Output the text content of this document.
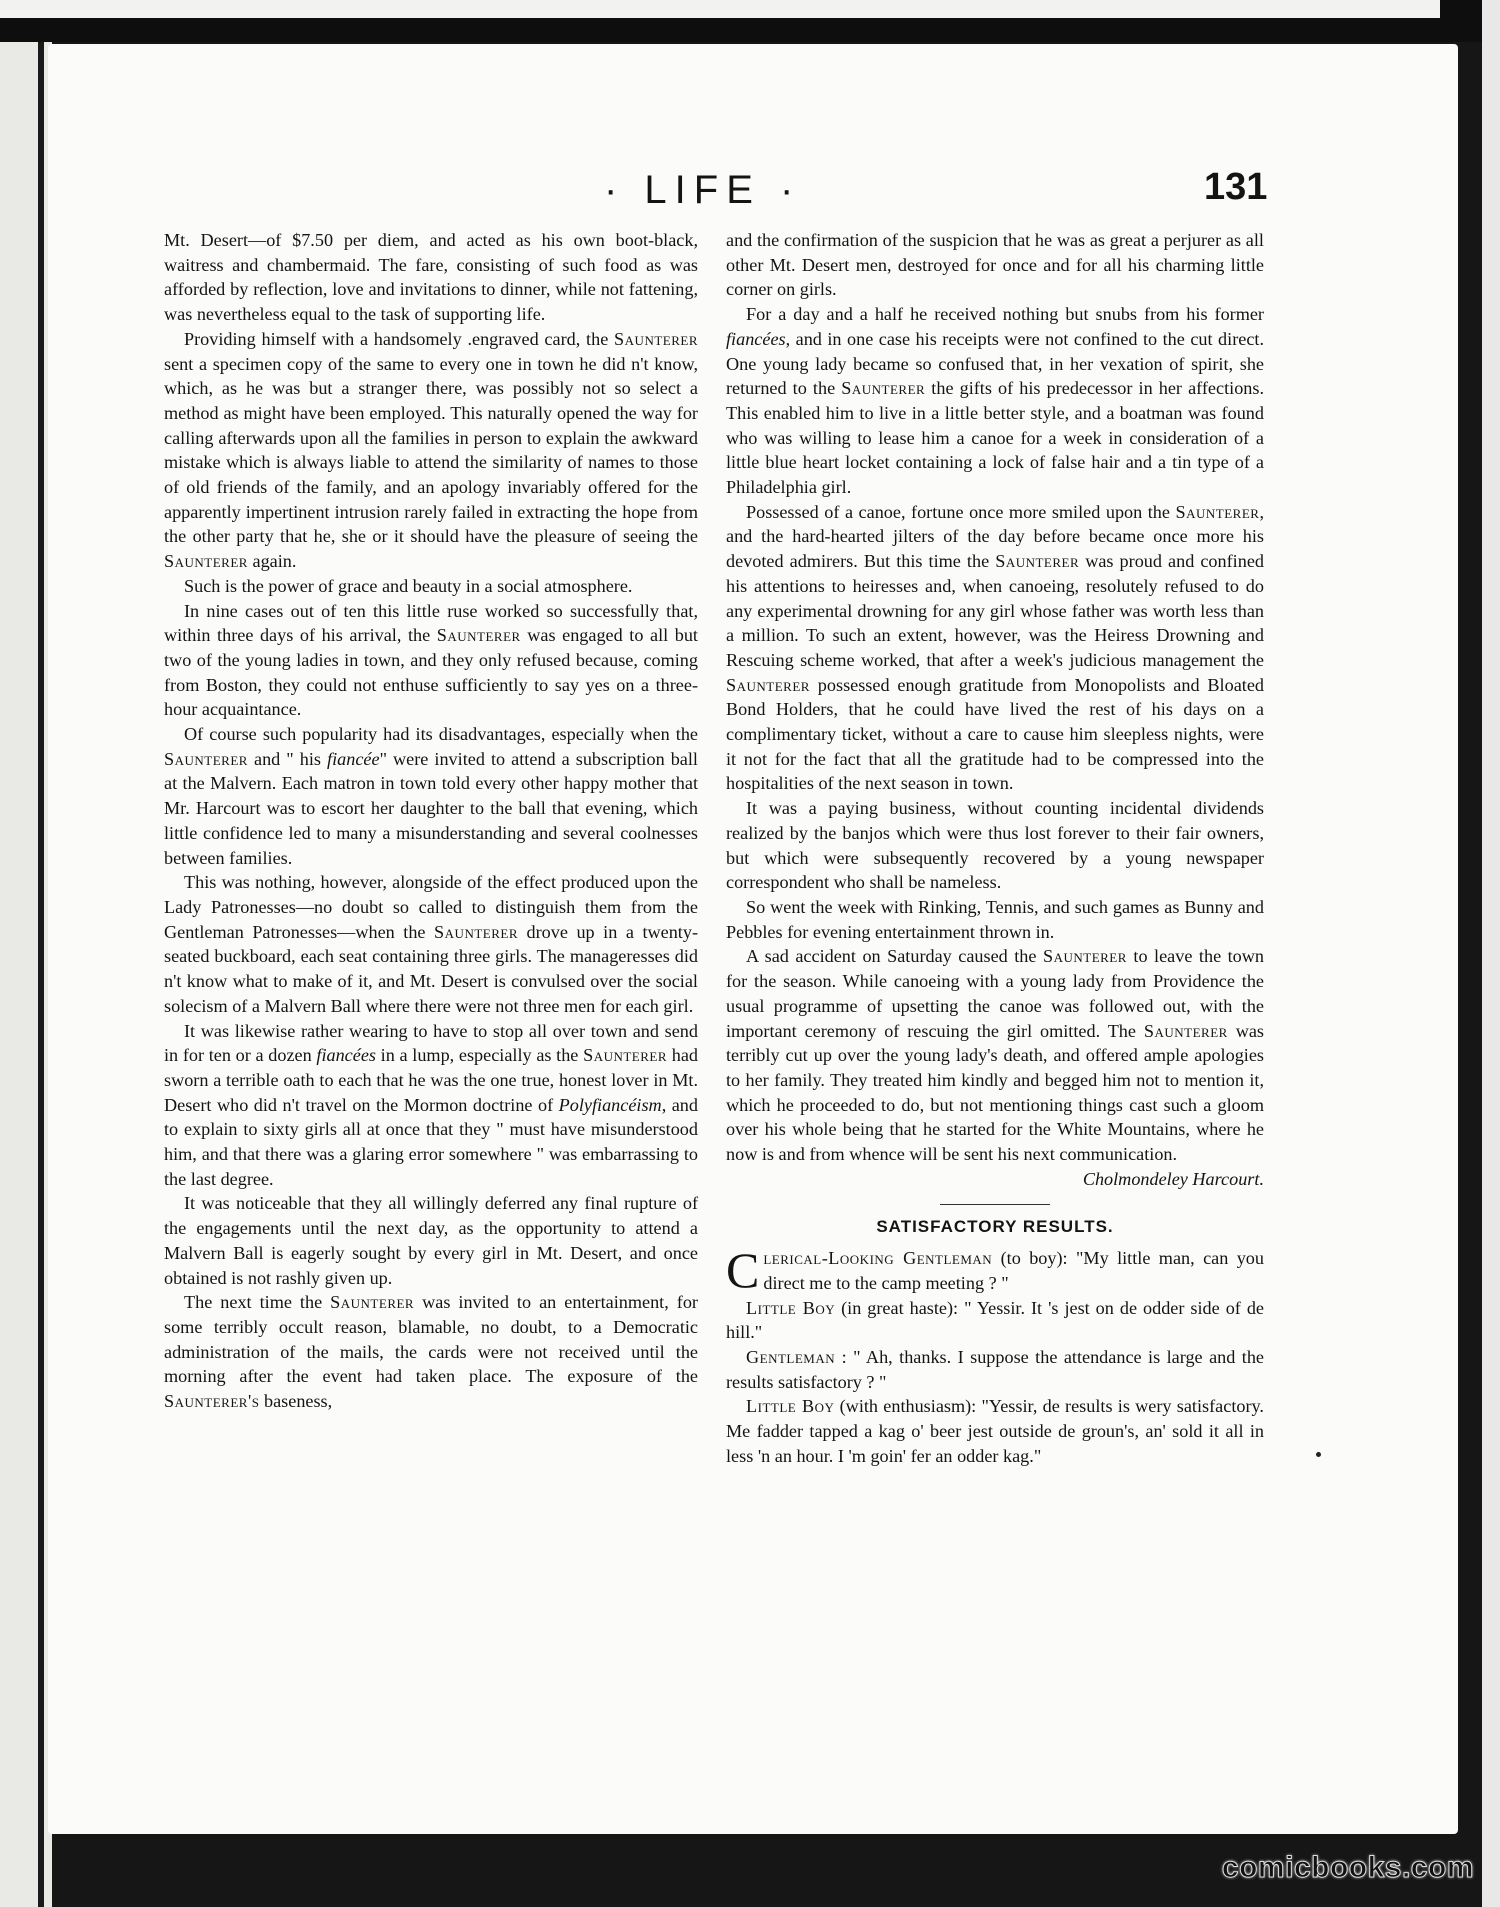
· LIFE ·	131

Mt. Desert—of $7.50 per diem, and acted as his own boot-black, waitress and chambermaid. The fare, consisting of such food as was afforded by reflection, love and invitations to dinner, while not fattening, was nevertheless equal to the task of supporting life.

Providing himself with a handsomely .engraved card, the Saunterer sent a specimen copy of the same to every one in town he did n't know, which, as he was but a stranger there, was possibly not so select a method as might have been employed. This naturally opened the way for calling afterwards upon all the families in person to explain the awkward mistake which is always liable to attend the similarity of names to those of old friends of the family, and an apology invariably offered for the apparently impertinent intrusion rarely failed in extracting the hope from the other party that he, she or it should have the pleasure of seeing the Saunterer again.

Such is the power of grace and beauty in a social atmosphere.

In nine cases out of ten this little ruse worked so successfully that, within three days of his arrival, the Saunterer was engaged to all but two of the young ladies in town, and they only refused because, coming from Boston, they could not enthuse sufficiently to say yes on a three-hour acquaintance.

Of course such popularity had its disadvantages, especially when the Saunterer and " his fiancée" were invited to attend a subscription ball at the Malvern. Each matron in town told every other happy mother that Mr. Harcourt was to escort her daughter to the ball that evening, which little confidence led to many a misunderstanding and several coolnesses between families.

This was nothing, however, alongside of the effect produced upon the Lady Patronesses—no doubt so called to distinguish them from the Gentleman Patronesses—when the Saunterer drove up in a twenty-seated buckboard, each seat containing three girls. The manageresses did n't know what to make of it, and Mt. Desert is convulsed over the social solecism of a Malvern Ball where there were not three men for each girl.

It was likewise rather wearing to have to stop all over town and send in for ten or a dozen fiancées in a lump, especially as the Saunterer had sworn a terrible oath to each that he was the one true, honest lover in Mt. Desert who did n't travel on the Mormon doctrine of Polyfiancéism, and to explain to sixty girls all at once that they " must have misunderstood him, and that there was a glaring error somewhere " was embarrassing to the last degree.

It was noticeable that they all willingly deferred any final rupture of the engagements until the next day, as the opportunity to attend a Malvern Ball is eagerly sought by every girl in Mt. Desert, and once obtained is not rashly given up.

The next time the Saunterer was invited to an entertainment, for some terribly occult reason, blamable, no doubt, to a Democratic administration of the mails, the cards were not received until the morning after the event had taken place. The exposure of the Saunterer's baseness,

and the confirmation of the suspicion that he was as great a perjurer as all other Mt. Desert men, destroyed for once and for all his charming little corner on girls.

For a day and a half he received nothing but snubs from his former fiancées, and in one case his receipts were not confined to the cut direct. One young lady became so confused that, in her vexation of spirit, she returned to the Saunterer the gifts of his predecessor in her affections. This enabled him to live in a little better style, and a boatman was found who was willing to lease him a canoe for a week in consideration of a little blue heart locket containing a lock of false hair and a tin type of a Philadelphia girl.

Possessed of a canoe, fortune once more smiled upon the Saunterer, and the hard-hearted jilters of the day before became once more his devoted admirers. But this time the Saunterer was proud and confined his attentions to heiresses and, when canoeing, resolutely refused to do any experimental drowning for any girl whose father was worth less than a million. To such an extent, however, was the Heiress Drowning and Rescuing scheme worked, that after a week's judicious management the Saunterer possessed enough gratitude from Monopolists and Bloated Bond Holders, that he could have lived the rest of his days on a complimentary ticket, without a care to cause him sleepless nights, were it not for the fact that all the gratitude had to be compressed into the hospitalities of the next season in town.

It was a paying business, without counting incidental dividends realized by the banjos which were thus lost forever to their fair owners, but which were subsequently recovered by a young newspaper correspondent who shall be nameless.

So went the week with Rinking, Tennis, and such games as Bunny and Pebbles for evening entertainment thrown in.

A sad accident on Saturday caused the Saunterer to leave the town for the season. While canoeing with a young lady from Providence the usual programme of upsetting the canoe was followed out, with the important ceremony of rescuing the girl omitted. The Saunterer was terribly cut up over the young lady's death, and offered ample apologies to her family. They treated him kindly and begged him not to mention it, which he proceeded to do, but not mentioning things cast such a gloom over his whole being that he started for the White Mountains, where he now is and from whence will be sent his next communication.

Cholmondeley Harcourt.

SATISFACTORY RESULTS.

Clerical-Looking Gentleman (to boy): "My little man, can you direct me to the camp meeting ? "

Little Boy (in great haste): " Yessir. It 's jest on de odder side of de hill."

Gentleman : " Ah, thanks. I suppose the attendance is large and the results satisfactory ? "

Little Boy (with enthusiasm): "Yessir, de results is wery satisfactory. Me fadder tapped a kag o' beer jest outside de groun's, an' sold it all in less 'n an hour. I 'm goin' fer an odder kag."

comicbooks.com
